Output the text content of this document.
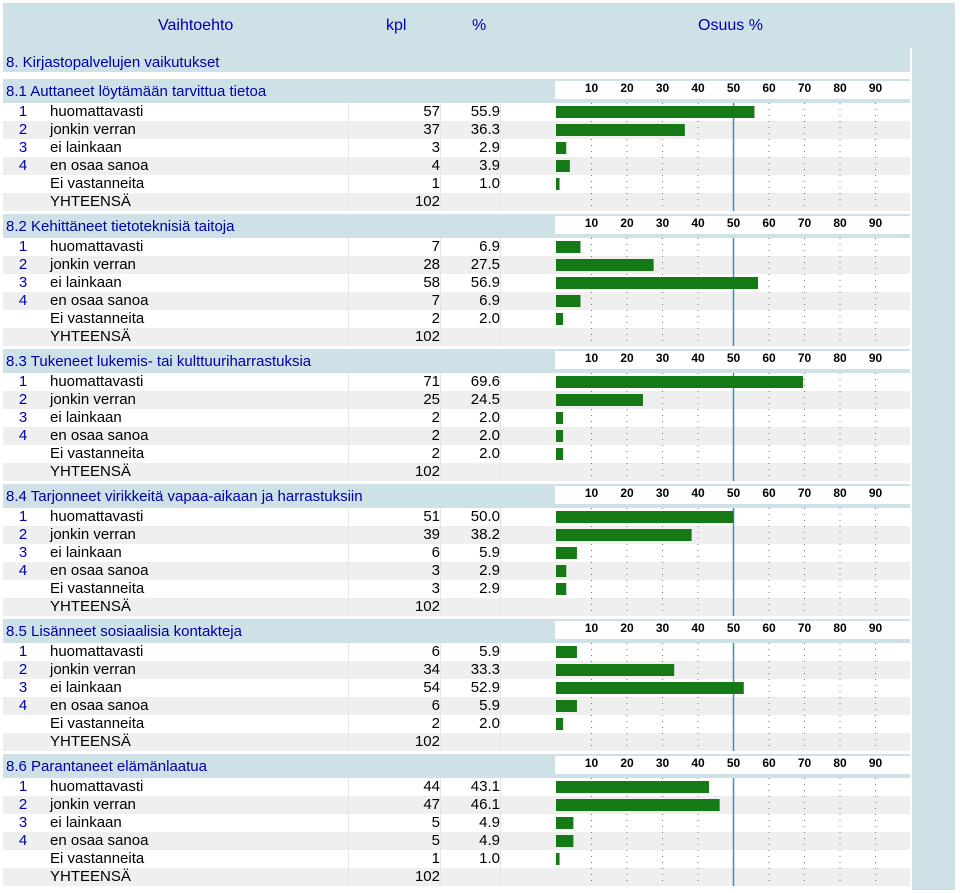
Vaihtoehto	kpl	%	Osuus %
8. Kirjastopalvelujen vaikutukset
8.1 Auttaneet löytämään tarvittua tietoa	10 20 30 40 50 60 70 80 90
1	huomattavasti	57	55.9
2	jonkin verran	37	36.3
3	ei lainkaan	3	2.9
4	en osaa sanoa	4	3.9
Ei vastanneita	1	1.0
YHTEENSÄ	102
8.2 Kehittäneet tietoteknisiä taitoja	10 20 30 40 50 60 70 80 90
1	huomattavasti	7	6.9
2	jonkin verran	28	27.5
3	ei lainkaan	58	56.9
4	en osaa sanoa	7	6.9
Ei vastanneita	2	2.0
YHTEENSÄ	102
8.3 Tukeneet lukemis- tai kulttuuriharrastuksia	10 20 30 40 50 60 70 80 90
1	huomattavasti	71	69.6
2	jonkin verran	25	24.5
3	ei lainkaan	2	2.0
4	en osaa sanoa	2	2.0
Ei vastanneita	2	2.0
YHTEENSÄ	102
8.4 Tarjonneet virikkeitä vapaa-aikaan ja harrastuksiin	10 20 30 40 50 60 70 80 90
1	huomattavasti	51	50.0
2	jonkin verran	39	38.2
3	ei lainkaan	6	5.9
4	en osaa sanoa	3	2.9
Ei vastanneita	3	2.9
YHTEENSÄ	102
8.5 Lisänneet sosiaalisia kontakteja	10 20 30 40 50 60 70 80 90
1	huomattavasti	6	5.9
2	jonkin verran	34	33.3
3	ei lainkaan	54	52.9
4	en osaa sanoa	6	5.9
Ei vastanneita	2	2.0
YHTEENSÄ	102
8.6 Parantaneet elämänlaatua	10 20 30 40 50 60 70 80 90
1	huomattavasti	44	43.1
2	jonkin verran	47	46.1
3	ei lainkaan	5	4.9
4	en osaa sanoa	5	4.9
Ei vastanneita	1	1.0
YHTEENSÄ	102
